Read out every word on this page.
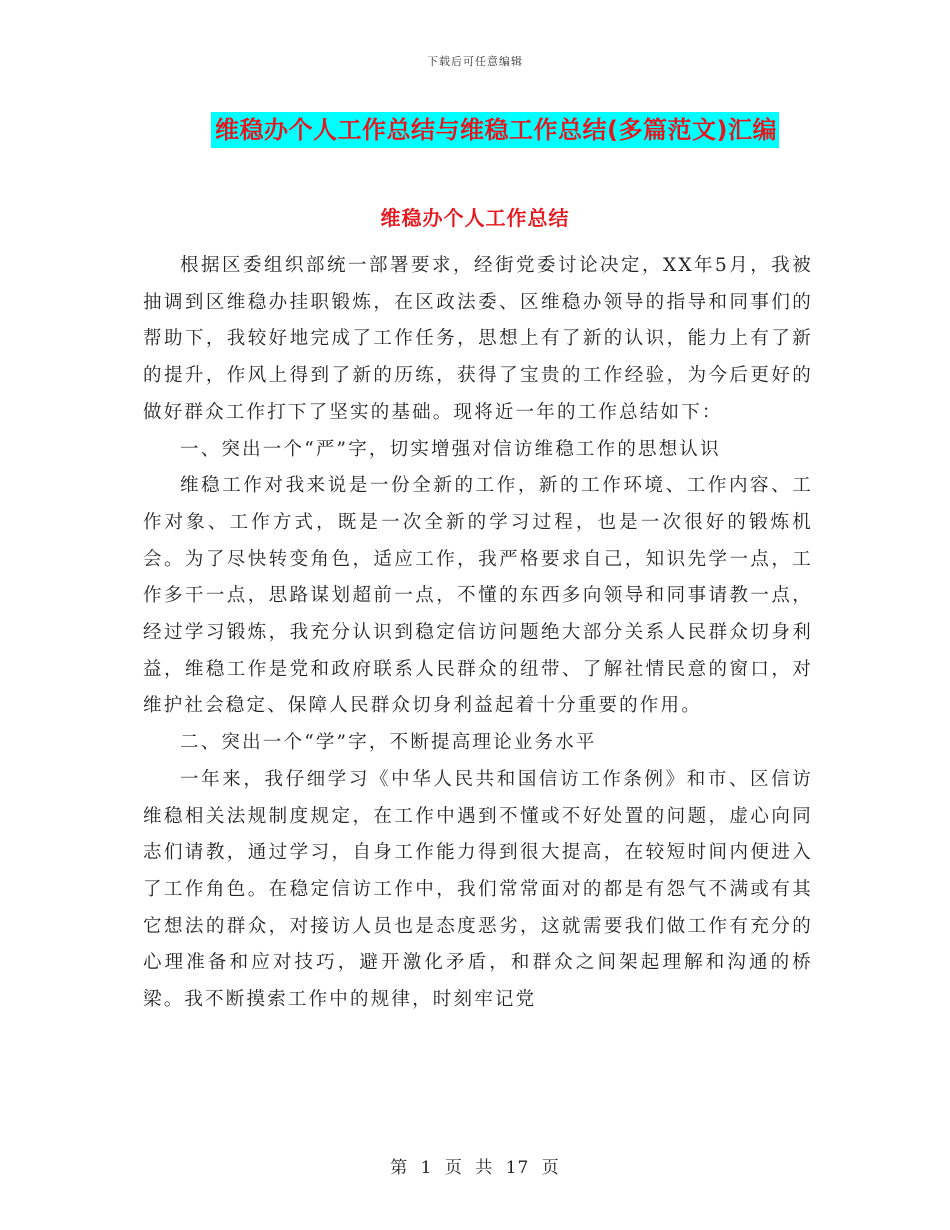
下载后可任意编辑
维稳办个人工作总结与维稳工作总结(多篇范文)汇编
维稳办个人工作总结

根据区委组织部统一部署要求，经街党委讨论决定，XX年5月，我被抽调到区维稳办挂职锻炼，在区政法委、区维稳办领导的指导和同事们的帮助下，我较好地完成了工作任务，思想上有了新的认识，能力上有了新的提升，作风上得到了新的历练，获得了宝贵的工作经验，为今后更好的做好群众工作打下了坚实的基础。现将近一年的工作总结如下：

一、突出一个“严”字，切实增强对信访维稳工作的思想认识

维稳工作对我来说是一份全新的工作，新的工作环境、工作内容、工作对象、工作方式，既是一次全新的学习过程，也是一次很好的锻炼机会。为了尽快转变角色，适应工作，我严格要求自己，知识先学一点，工作多干一点，思路谋划超前一点，不懂的东西多向领导和同事请教一点，经过学习锻炼，我充分认识到稳定信访问题绝大部分关系人民群众切身利益，维稳工作是党和政府联系人民群众的纽带、了解社情民意的窗口，对维护社会稳定、保障人民群众切身利益起着十分重要的作用。

二、突出一个“学”字，不断提高理论业务水平

一年来，我仔细学习《中华人民共和国信访工作条例》和市、区信访维稳相关法规制度规定，在工作中遇到不懂或不好处置的问题，虚心向同志们请教，通过学习，自身工作能力得到很大提高，在较短时间内便进入了工作角色。在稳定信访工作中，我们常常面对的都是有怨气不满或有其它想法的群众，对接访人员也是态度恶劣，这就需要我们做工作有充分的心理准备和应对技巧，避开激化矛盾，和群众之间架起理解和沟通的桥梁。我不断摸索工作中的规律，时刻牢记党

第 1 页 共 17 页
